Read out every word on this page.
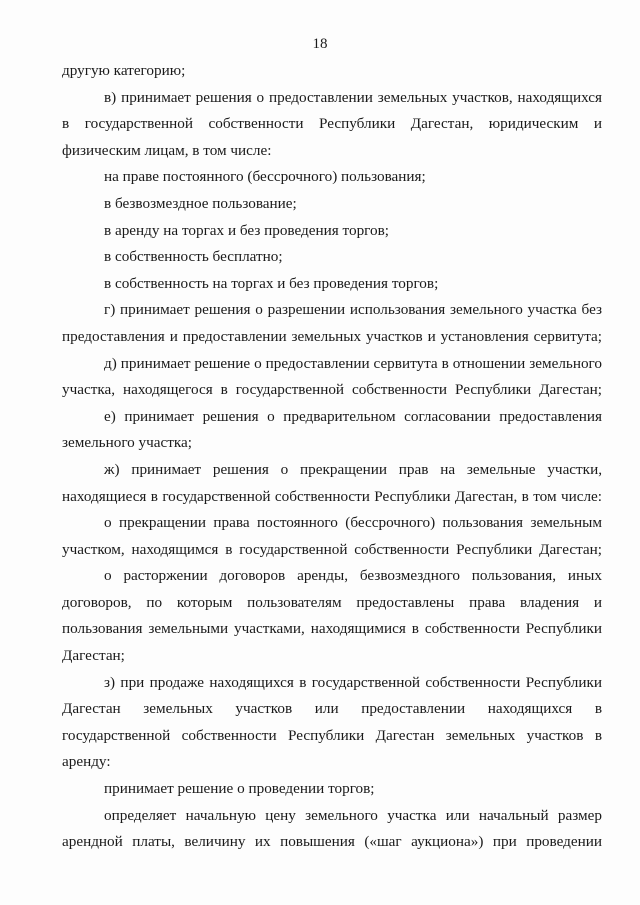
18
другую категорию;
в) принимает решения о предоставлении земельных участков, находящихся
в государственной собственности Республики Дагестан, юридическим и
физическим лицам, в том числе:
на праве постоянного (бессрочного) пользования;
в безвозмездное пользование;
в аренду на торгах и без проведения торгов;
в собственность бесплатно;
в собственность на торгах и без проведения торгов;
г) принимает решения о разрешении использования земельного участка без
предоставления и предоставлении земельных участков и установления сервитута;
д) принимает решение о предоставлении сервитута в отношении земельного
участка, находящегося в государственной собственности Республики Дагестан;
е) принимает решения о предварительном согласовании предоставления
земельного участка;
ж) принимает решения о прекращении прав на земельные участки,
находящиеся в государственной собственности Республики Дагестан, в том числе:
о прекращении права постоянного (бессрочного) пользования земельным
участком, находящимся в государственной собственности Республики Дагестан;
о расторжении договоров аренды, безвозмездного пользования, иных
договоров, по которым пользователям предоставлены права владения и
пользования земельными участками, находящимися в собственности Республики
Дагестан;
з) при продаже находящихся в государственной собственности Республики
Дагестан земельных участков или предоставлении находящихся в
государственной собственности Республики Дагестан земельных участков в
аренду:
принимает решение о проведении торгов;
определяет начальную цену земельного участка или начальный размер
арендной платы, величину их повышения («шаг аукциона») при проведении
